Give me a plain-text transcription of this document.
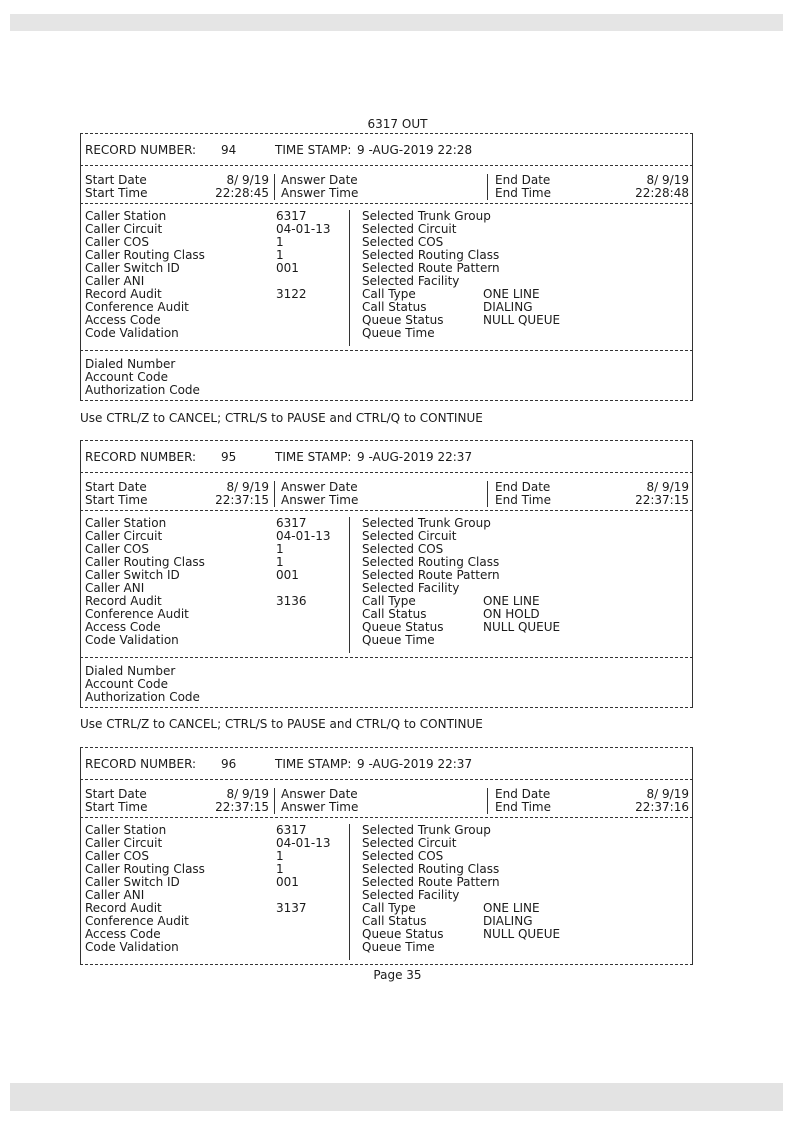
6317 OUT
RECORD NUMBER: 94	TIME STAMP: 9 -AUG-2019 22:28
Start Date	8/ 9/19
Start Time	22:28:45
Answer Date
Answer Time
End Date	8/ 9/19
End Time	22:28:48
Caller Station	6317	Selected Trunk Group
Caller Circuit	04-01-13	Selected Circuit
Caller COS	1	Selected COS
Caller Routing Class	1	Selected Routing Class
Caller Switch ID	001	Selected Route Pattern
Caller ANI	Selected Facility
Record Audit	3122	Call Type	ONE LINE
Conference Audit	Call Status	DIALING
Access Code	Queue Status	NULL QUEUE
Code Validation	Queue Time
Dialed Number
Account Code
Authorization Code
Use CTRL/Z to CANCEL; CTRL/S to PAUSE and CTRL/Q to CONTINUE
RECORD NUMBER: 95	TIME STAMP: 9 -AUG-2019 22:37
Start Date	8/ 9/19
Start Time	22:37:15
Answer Date
Answer Time
End Date	8/ 9/19
End Time	22:37:15
Caller Station	6317	Selected Trunk Group
Caller Circuit	04-01-13	Selected Circuit
Caller COS	1	Selected COS
Caller Routing Class	1	Selected Routing Class
Caller Switch ID	001	Selected Route Pattern
Caller ANI	Selected Facility
Record Audit	3136	Call Type	ONE LINE
Conference Audit	Call Status	ON HOLD
Access Code	Queue Status	NULL QUEUE
Code Validation	Queue Time
Dialed Number
Account Code
Authorization Code
Use CTRL/Z to CANCEL; CTRL/S to PAUSE and CTRL/Q to CONTINUE
RECORD NUMBER: 96	TIME STAMP: 9 -AUG-2019 22:37
Start Date	8/ 9/19
Start Time	22:37:15
Answer Date
Answer Time
End Date	8/ 9/19
End Time	22:37:16
Caller Station	6317	Selected Trunk Group
Caller Circuit	04-01-13	Selected Circuit
Caller COS	1	Selected COS
Caller Routing Class	1	Selected Routing Class
Caller Switch ID	001	Selected Route Pattern
Caller ANI	Selected Facility
Record Audit	3137	Call Type	ONE LINE
Conference Audit	Call Status	DIALING
Access Code	Queue Status	NULL QUEUE
Code Validation	Queue Time
Page 35
